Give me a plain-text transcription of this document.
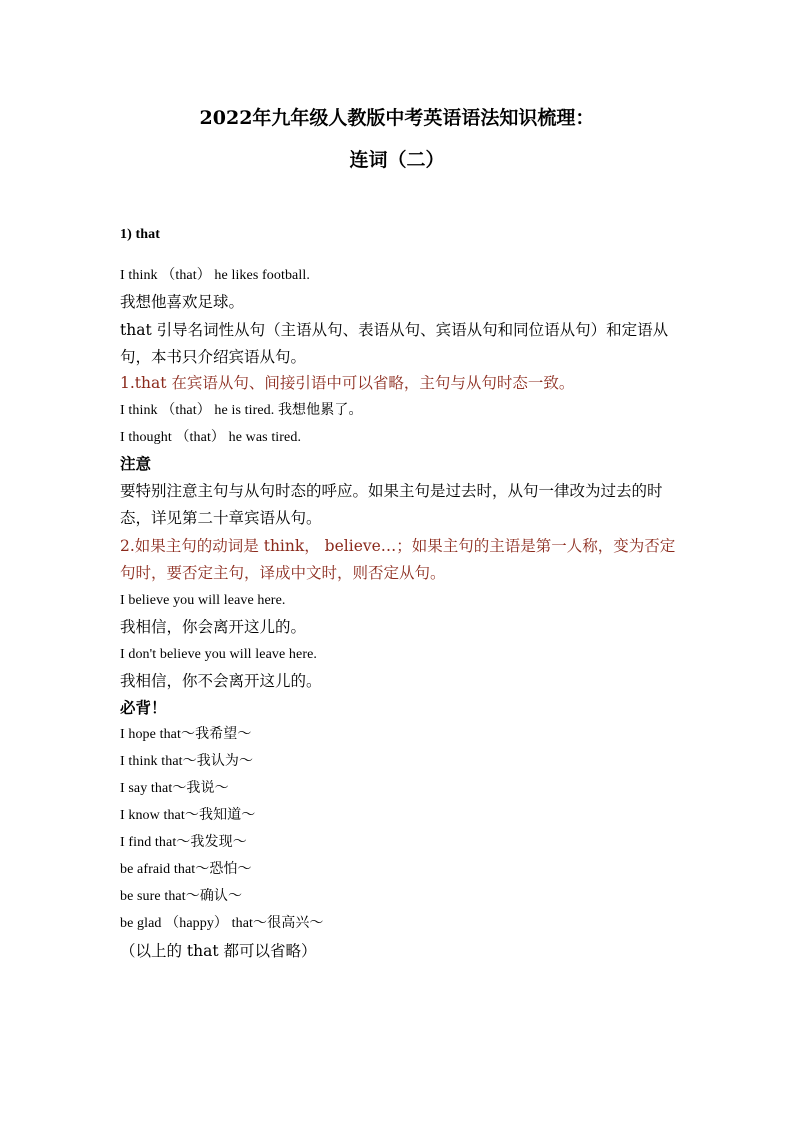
2022年九年级人教版中考英语语法知识梳理：
连词（二）
1) that
I think （that） he likes football.
我想他喜欢足球。
that 引导名词性从句（主语从句、表语从句、宾语从句和同位语从句）和定语从句，本书只介绍宾语从句。
1.that 在宾语从句、间接引语中可以省略，主句与从句时态一致。
I think （that） he is tired. 我想他累了。
I thought （that） he was tired.
注意
要特别注意主句与从句时态的呼应。如果主句是过去时，从句一律改为过去的时态，详见第二十章宾语从句。
2.如果主句的动词是 think， believe…；如果主句的主语是第一人称，变为否定句时，要否定主句，译成中文时，则否定从句。
I believe you will leave here.
我相信，你会离开这儿的。
I don't believe you will leave here.
我相信，你不会离开这儿的。
必背！
I hope that～我希望～
I think that～我认为～
I say that～我说～
I know that～我知道～
I find that～我发现～
be afraid that～恐怕～
be sure that～确认～
be glad （happy） that～很高兴～
（以上的 that 都可以省略）
